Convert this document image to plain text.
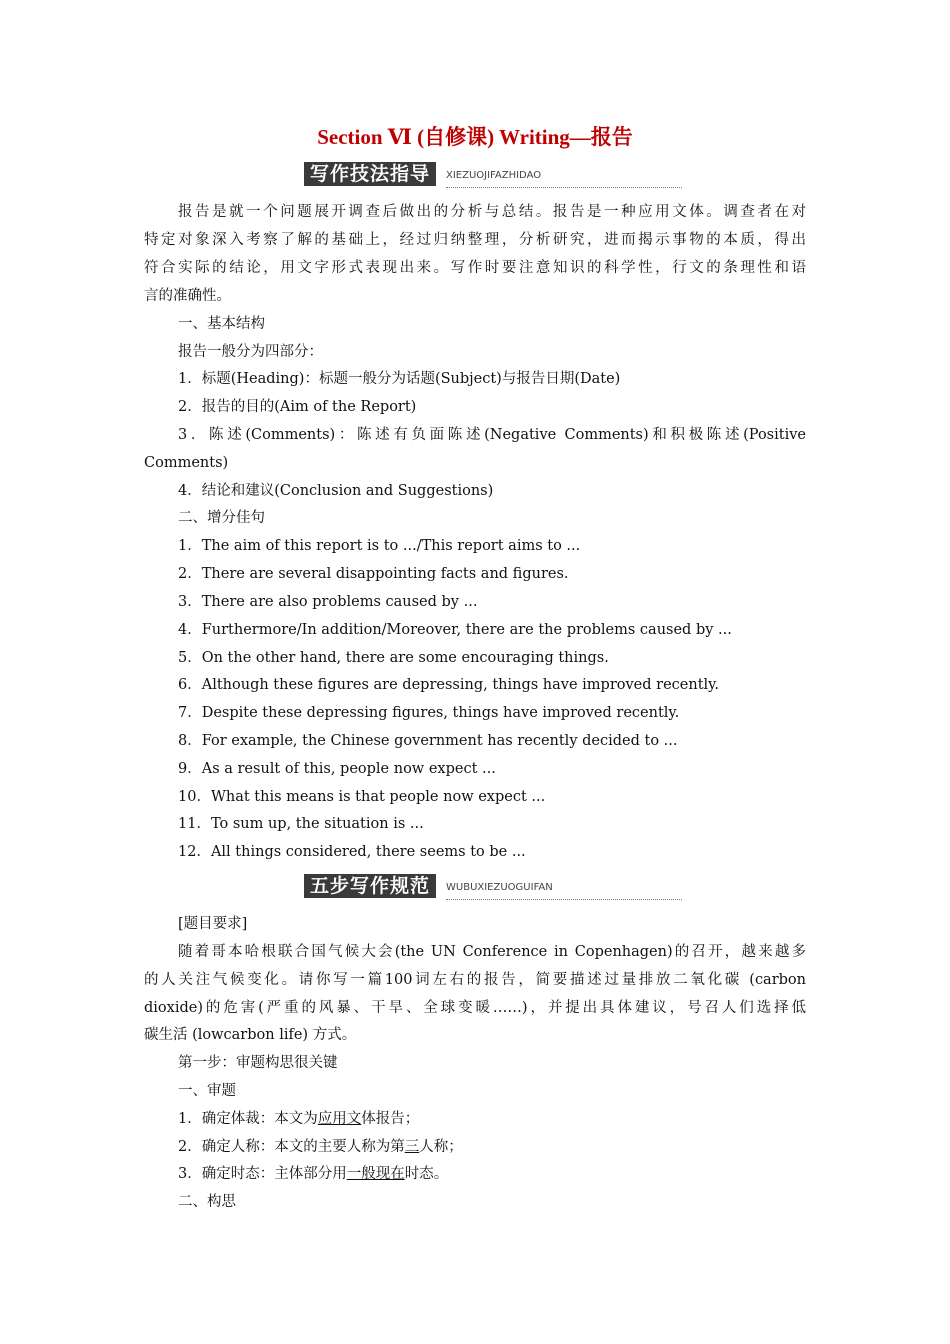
Section Ⅵ (自修课) Writing—报告
写作技法指导	XIEZUOJIFAZHIDAO
报告是就一个问题展开调查后做出的分析与总结。报告是一种应用文体。调查者在对
特定对象深入考察了解的基础上，经过归纳整理，分析研究，进而揭示事物的本质，得出
符合实际的结论，用文字形式表现出来。写作时要注意知识的科学性，行文的条理性和语
言的准确性。
一、基本结构
报告一般分为四部分：
1．标题(Heading)：标题一般分为话题(Subject)与报告日期(Date)
2．报告的目的(Aim of the Report)
3．陈述(Comments)：陈述有负面陈述(Negative Comments)和积极陈述(Positive
Comments)
4．结论和建议(Conclusion and Suggestions)
二、增分佳句
1．The aim of this report is to .../This report aims to ...
2．There are several disappointing facts and figures.
3．There are also problems caused by ...
4．Furthermore/In addition/Moreover, there are the problems caused by ...
5．On the other hand, there are some encouraging things.
6．Although these figures are depressing, things have improved recently.
7．Despite these depressing figures, things have improved recently.
8．For example, the Chinese government has recently decided to ...
9．As a result of this, people now expect ...
10．What this means is that people now expect ...
11．To sum up, the situation is ...
12．All things considered, there seems to be ...
五步写作规范	WUBUXIEZUOGUIFAN
[题目要求]
随着哥本哈根联合国气候大会(the UN Conference in Copenhagen)的召开，越来越多
的人关注气候变化。请你写一篇100词左右的报告，简要描述过量排放二氧化碳 (carbon
dioxide)的危害(严重的风暴、干旱、全球变暖……)，并提出具体建议，号召人们选择低
碳生活 (lowcarbon life) 方式。
第一步：审题构思很关键
一、审题
1．确定体裁：本文为应用文体报告；
2．确定人称：本文的主要人称为第三人称；
3．确定时态：主体部分用一般现在时态。
二、构思
